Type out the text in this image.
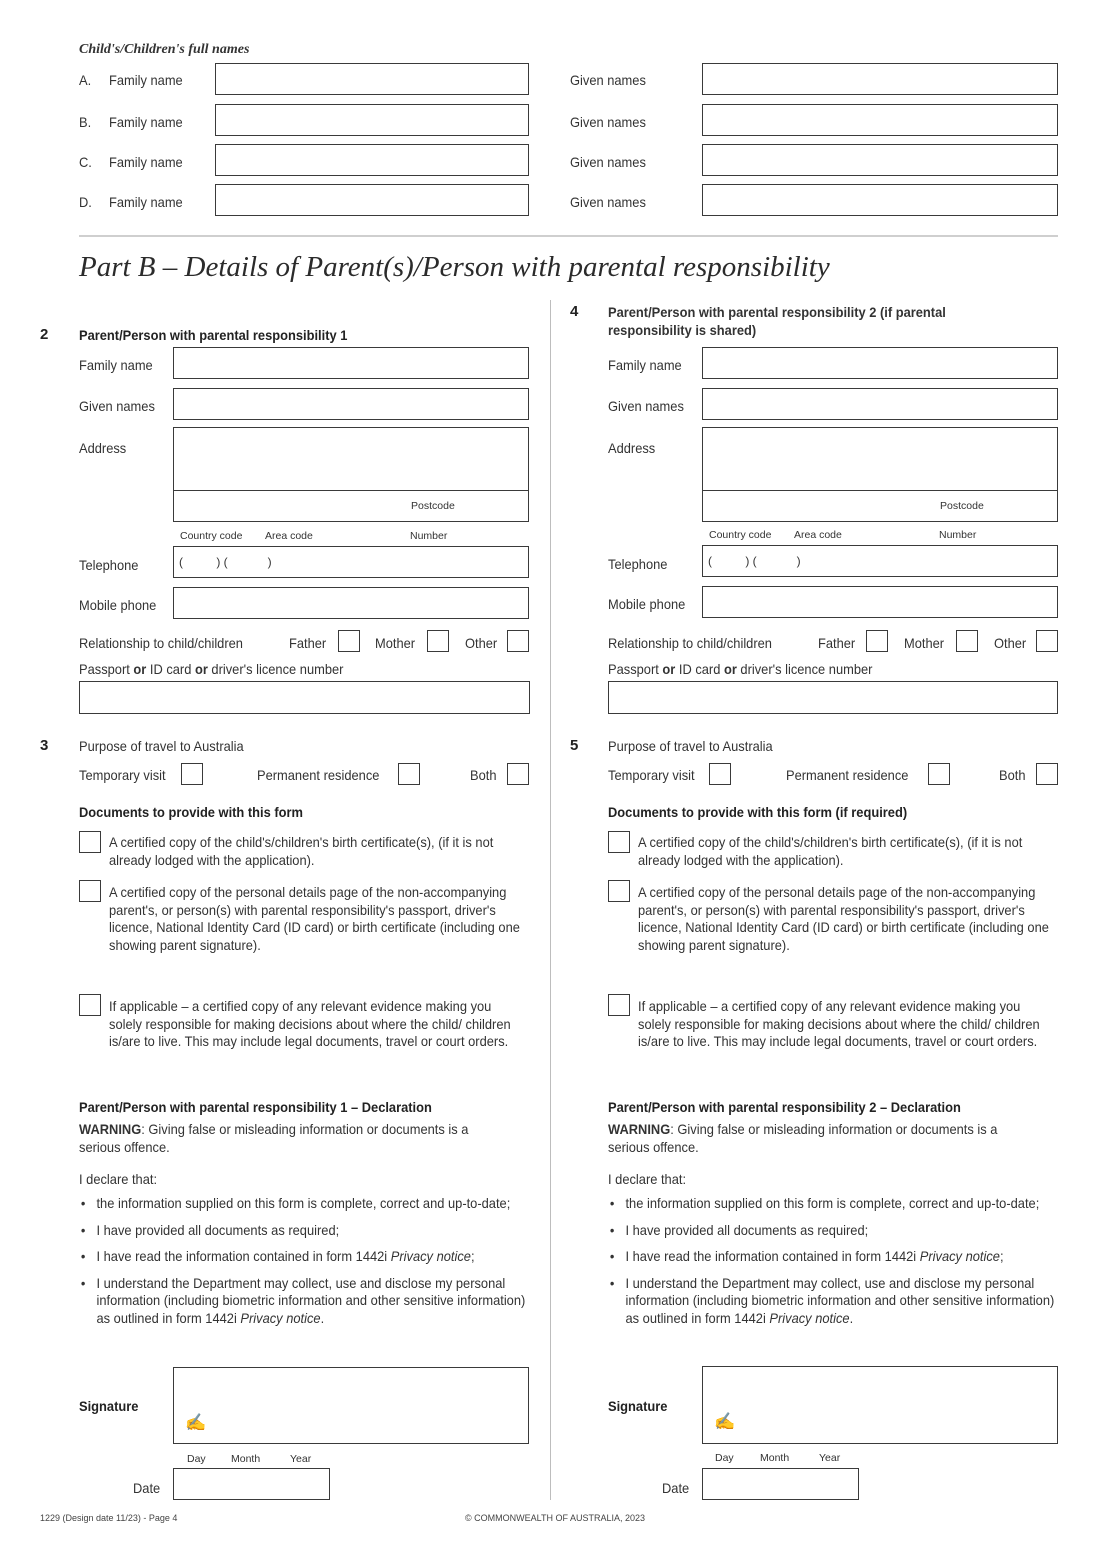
Child's/Children's full names
A. Family name	Given names
B. Family name	Given names
C. Family name	Given names
D. Family name	Given names
Part B – Details of Parent(s)/Person with parental responsibility
2 Parent/Person with parental responsibility 1
Family name
Given names
Address
Postcode
Country code Area code	Number
Telephone	(          ) (            )
Mobile phone
Relationship to child/children	Father	Mother	Other
Passport or ID card or driver's licence number
3 Purpose of travel to Australia
Temporary visit	Permanent residence	Both
Documents to provide with this form
A certified copy of the child's/children's birth certificate(s), (if it is not already lodged with the application).
A certified copy of the personal details page of the non-accompanying parent's, or person(s) with parental responsibility's passport, driver's licence, National Identity Card (ID card) or birth certificate (including one showing parent signature).
If applicable – a certified copy of any relevant evidence making you solely responsible for making decisions about where the child/ children is/are to live. This may include legal documents, travel or court orders.
Parent/Person with parental responsibility 1 – Declaration
WARNING: Giving false or misleading information or documents is a serious offence.
I declare that:
• the information supplied on this form is complete, correct and up-to-date;
• I have provided all documents as required;
• I have read the information contained in form 1442i Privacy notice;
• I understand the Department may collect, use and disclose my personal information (including biometric information and other sensitive information) as outlined in form 1442i Privacy notice.
Signature
✍
Day Month	Year
Date
4 Parent/Person with parental responsibility 2 (if parental responsibility is shared)
Family name
Given names
Address
Postcode
Country code Area code	Number
Telephone	(          ) (            )
Mobile phone
Relationship to child/children	Father	Mother	Other
Passport or ID card or driver's licence number
5 Purpose of travel to Australia
Temporary visit	Permanent residence	Both
Documents to provide with this form (if required)
A certified copy of the child's/children's birth certificate(s), (if it is not already lodged with the application).
A certified copy of the personal details page of the non-accompanying parent's, or person(s) with parental responsibility's passport, driver's licence, National Identity Card (ID card) or birth certificate (including one showing parent signature).
If applicable – a certified copy of any relevant evidence making you solely responsible for making decisions about where the child/ children is/are to live. This may include legal documents, travel or court orders.
Parent/Person with parental responsibility 2 – Declaration
WARNING: Giving false or misleading information or documents is a serious offence.
I declare that:
• the information supplied on this form is complete, correct and up-to-date;
• I have provided all documents as required;
• I have read the information contained in form 1442i Privacy notice;
• I understand the Department may collect, use and disclose my personal information (including biometric information and other sensitive information) as outlined in form 1442i Privacy notice.
Signature
✍
Day	Month	Year
Date
1229 (Design date 11/23) - Page 4	© COMMONWEALTH OF AUSTRALIA, 2023
